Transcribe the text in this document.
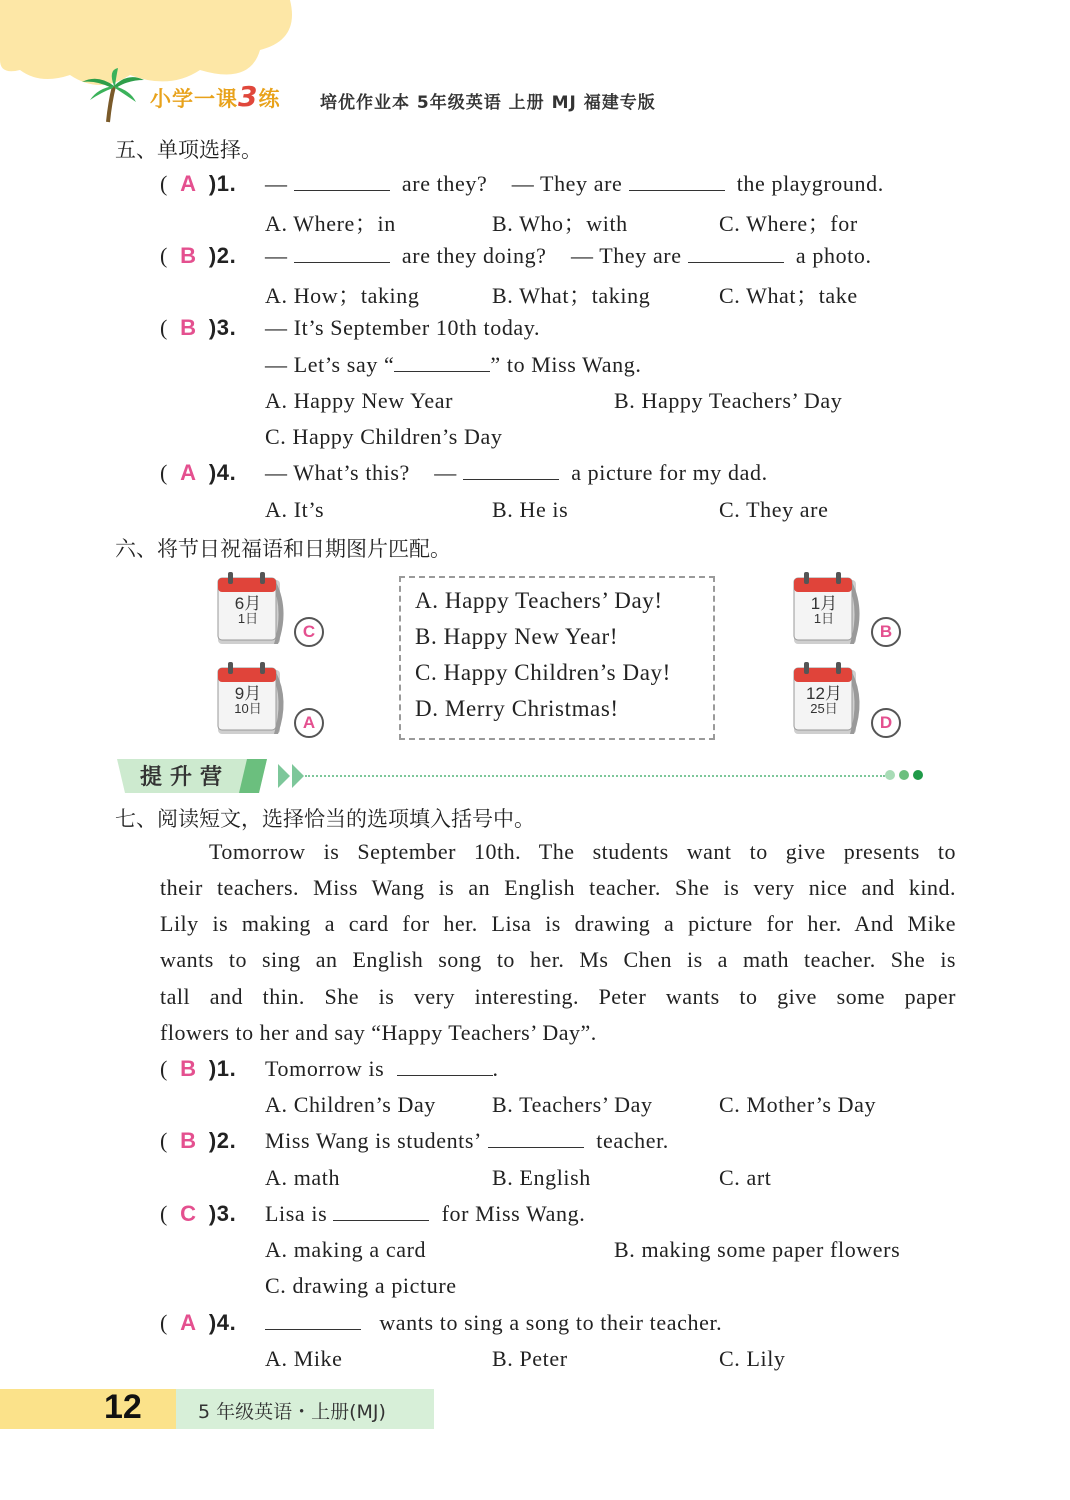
小学一课3练 培优作业本 5年级英语 上册 MJ 福建专版
五、单项选择。
(  A )1. —	are they? — They are	the playground.
A. Where；in	B. Who；with	C. Where；for
(  B )2. —	are they doing? — They are	a photo.
A. How；taking	B. What；taking	C. What；take
(  B )3. — It’s September 10th today.
— Let’s say “	” to Miss Wang.
A. Happy New Year	B. Happy Teachers’ Day
C. Happy Children’s Day
(  A )4. — What’s this? —	a picture for my dad.
A. It’s	B. He is	C. They are
六、将节日祝福语和日期图片匹配。
6月
1日
C
9月
10日
A
1月
1日
B
12月
25日
D
A. Happy Teachers’ Day!
B. Happy New Year!
C. Happy Children’s Day!
D. Merry Christmas!
提升营
七、阅读短文，选择恰当的选项填入括号中。
Tomorrow is September 10th. The students want to give presents to
their teachers. Miss Wang is an English teacher. She is very nice and kind.
Lily is making a card for her. Lisa is drawing a picture for her. And Mike
wants to sing an English song to her. Ms Chen is a math teacher. She is
tall and thin. She is very interesting. Peter wants to give some paper
flowers to her and say “Happy Teachers’ Day”.
(  B )1. Tomorrow is	.
A. Children’s Day	B. Teachers’ Day	C. Mother’s Day
(  B )2. Miss Wang is students’	teacher.
A. math	B. English	C. art
(  C )3. Lisa is	for Miss Wang.
A. making a card	B. making some paper flowers
C. drawing a picture
(  A )4.	wants to sing a song to their teacher.
A. Mike	B. Peter	C. Lily
12	5 年级英语・上册(MJ)
